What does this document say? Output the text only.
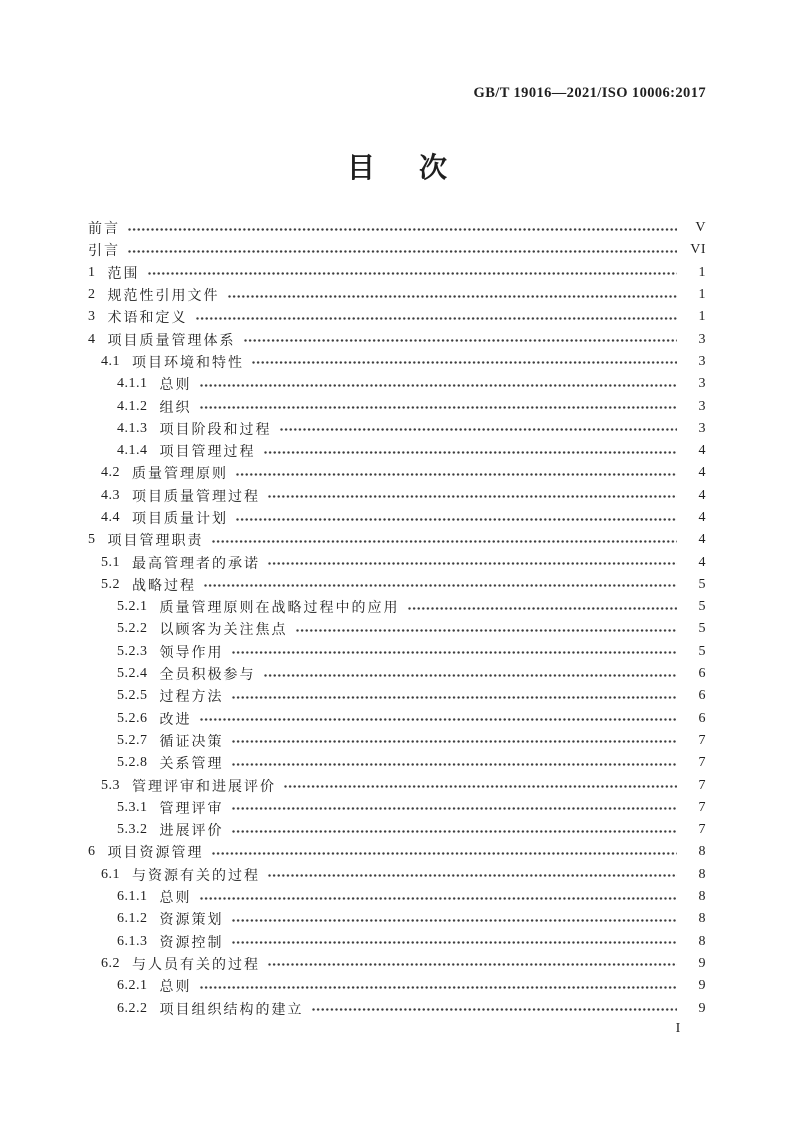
GB/T 19016—2021/ISO 10006:2017
目　次
前言	V
引言	VI
1 范围	1
2 规范性引用文件	1
3 术语和定义	1
4 项目质量管理体系	3
4.1 项目环境和特性	3
4.1.1 总则	3
4.1.2 组织	3
4.1.3 项目阶段和过程	3
4.1.4 项目管理过程	4
4.2 质量管理原则	4
4.3 项目质量管理过程	4
4.4 项目质量计划	4
5 项目管理职责	4
5.1 最高管理者的承诺	4
5.2 战略过程	5
5.2.1 质量管理原则在战略过程中的应用	5
5.2.2 以顾客为关注焦点	5
5.2.3 领导作用	5
5.2.4 全员积极参与	6
5.2.5 过程方法	6
5.2.6 改进	6
5.2.7 循证决策	7
5.2.8 关系管理	7
5.3 管理评审和进展评价	7
5.3.1 管理评审	7
5.3.2 进展评价	7
6 项目资源管理	8
6.1 与资源有关的过程	8
6.1.1 总则	8
6.1.2 资源策划	8
6.1.3 资源控制	8
6.2 与人员有关的过程	9
6.2.1 总则	9
6.2.2 项目组织结构的建立	9
I
